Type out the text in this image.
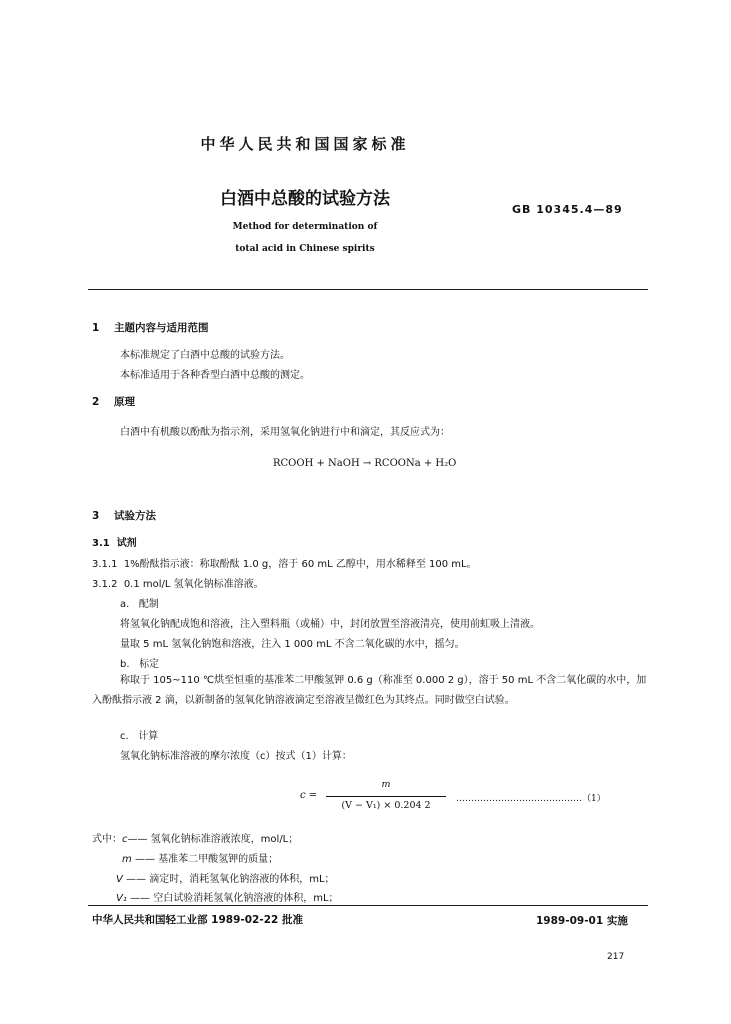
中华人民共和国国家标准
白酒中总酸的试验方法
GB 10345.4—89
Method for determination of
total acid in Chinese spirits
1 主题内容与适用范围
本标准规定了白酒中总酸的试验方法。
本标准适用于各种香型白酒中总酸的测定。
2 原理
白酒中有机酸以酚酞为指示剂，采用氢氧化钠进行中和滴定，其反应式为：
RCOOH + NaOH → RCOONa + H₂O
3 试验方法
3.1 试剂
3.1.1 1%酚酞指示液：称取酚酞 1.0 g，溶于 60 mL 乙醇中，用水稀释至 100 mL。
3.1.2 0.1 mol/L 氢氧化钠标准溶液。
a. 配制
将氢氧化钠配成饱和溶液，注入塑料瓶（或桶）中，封闭放置至溶液清亮，使用前虹吸上清液。
量取 5 mL 氢氧化钠饱和溶液，注入 1 000 mL 不含二氧化碳的水中，摇匀。
b. 标定
称取于 105~110 ℃烘至恒重的基准苯二甲酸氢钾 0.6 g（称准至 0.000 2 g），溶于 50 mL 不含二氧化碳的水中，加入酚酞指示液 2 滴，以新制备的氢氧化钠溶液滴定至溶液呈微红色为其终点。同时做空白试验。
c. 计算
氢氧化钠标准溶液的摩尔浓度（c）按式（1）计算：
c =
m
(V − V₁) × 0.204 2
……………………………………（1）
式中：c—— 氢氧化钠标准溶液浓度，mol/L；
m —— 基准苯二甲酸氢钾的质量；
V —— 滴定时，消耗氢氧化钠溶液的体积，mL；
V₁ —— 空白试验消耗氢氧化钠溶液的体积，mL；
中华人民共和国轻工业部 1989-02-22 批准	1989-09-01 实施
217
